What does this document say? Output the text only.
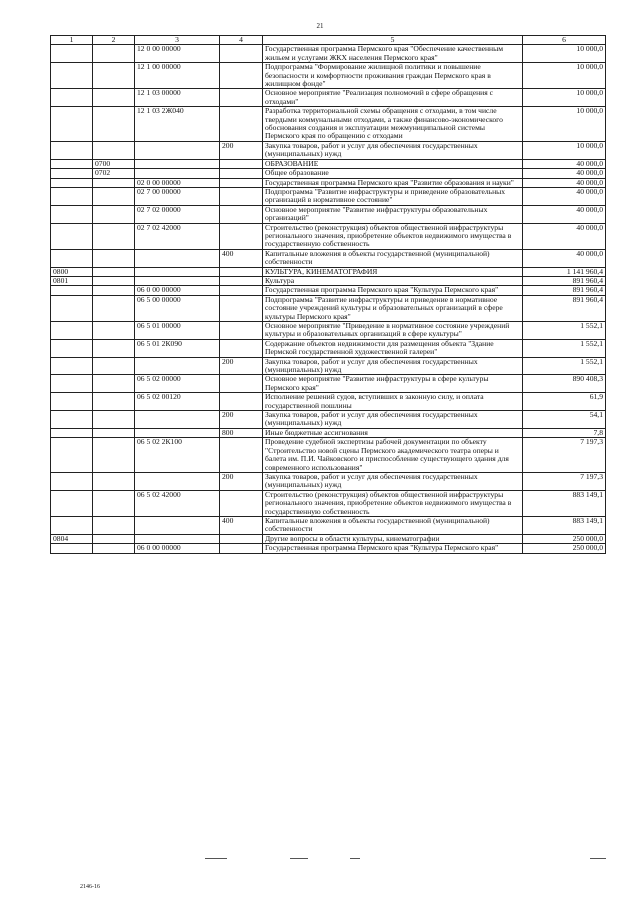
21
1	2	3	4	5	6
		12 0 00 00000		Государственная программа Пермского края "Обеспечение качественным жильем и услугами ЖКХ населения Пермского края"	10 000,0
		12 1 00 00000		Подпрограмма "Формирование жилищной политики и повышение безопасности и комфортности проживания граждан Пермского края в жилищном фонде"	10 000,0
		12 1 03 00000		Основное мероприятие "Реализация полномочий в сфере обращения с отходами"	10 000,0
		12 1 03 2Ж040		Разработка территориальной схемы обращения с отходами, в том числе твердыми коммунальными отходами, а также финансово-экономического обоснования создания и эксплуатации межмуниципальной системы Пермского края по обращению с отходами	10 000,0
			200	Закупка товаров, работ и услуг для обеспечения государственных (муниципальных) нужд	10 000,0
	0700			ОБРАЗОВАНИЕ	40 000,0
	0702			Общее образование	40 000,0
		02 0 00 00000		Государственная программа Пермского края "Развитие образования и науки"	40 000,0
		02 7 00 00000		Подпрограмма "Развитие инфраструктуры и приведение образовательных организаций в нормативное состояние"	40 000,0
		02 7 02 00000		Основное мероприятие "Развитие инфраструктуры образовательных организаций"	40 000,0
		02 7 02 42000		Строительство (реконструкция) объектов общественной инфраструктуры регионального значения, приобретение объектов недвижимого имущества в государственную собственность	40 000,0
			400	Капитальные вложения в объекты государственной (муниципальной) собственности	40 000,0
0800				КУЛЬТУРА, КИНЕМАТОГРАФИЯ	1 141 960,4
0801				Культура	891 960,4
		06 0 00 00000		Государственная программа Пермского края "Культура Пермского края"	891 960,4
		06 5 00 00000		Подпрограмма "Развитие инфраструктуры и приведение в нормативное состояние учреждений культуры и образовательных организаций в сфере культуры Пермского края"	891 960,4
		06 5 01 00000		Основное мероприятие "Приведение в нормативное состояние учреждений культуры и образовательных организаций в сфере культуры"	1 552,1
		06 5 01 2К090		Содержание объектов недвижимости для размещения объекта "Здание Пермской государственной художественной галереи"	1 552,1
			200	Закупка товаров, работ и услуг для обеспечения государственных (муниципальных) нужд	1 552,1
		06 5 02 00000		Основное мероприятие "Развитие инфраструктуры в сфере культуры Пермского края"	890 408,3
		06 5 02 00120		Исполнение решений судов, вступивших в законную силу, и оплата государственной пошлины	61,9
			200	Закупка товаров, работ и услуг для обеспечения государственных (муниципальных) нужд	54,1
			800	Иные бюджетные ассигнования	7,8
		06 5 02 2К100		Проведение судебной экспертизы рабочей документации по объекту "Строительство новой сцены Пермского академического театра оперы и балета им. П.И. Чайковского и приспособление существующего здания для современного использования"	7 197,3
			200	Закупка товаров, работ и услуг для обеспечения государственных (муниципальных) нужд	7 197,3
		06 5 02 42000		Строительство (реконструкция) объектов общественной инфраструктуры регионального значения, приобретение объектов недвижимого имущества в государственную собственность	883 149,1
			400	Капитальные вложения в объекты государственной (муниципальной) собственности	883 149,1
0804				Другие вопросы в области культуры, кинематографии	250 000,0
		06 0 00 00000		Государственная программа Пермского края "Культура Пермского края"	250 000,0
2146-16
